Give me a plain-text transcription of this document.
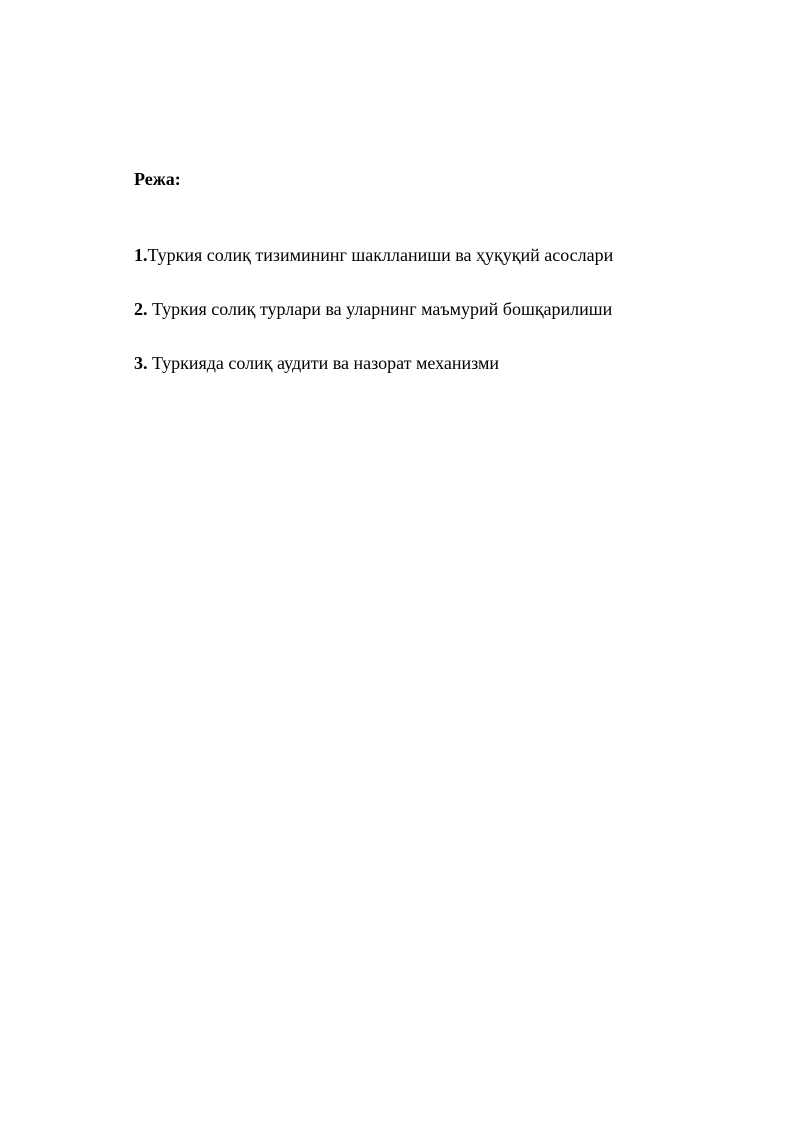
Режа:
1.Туркия солиқ тизимининг шаклланиши ва ҳуқуқий асослари
2. Туркия солиқ турлари ва уларнинг маъмурий бошқарилиши
3. Туркияда солиқ аудити ва назорат механизми
